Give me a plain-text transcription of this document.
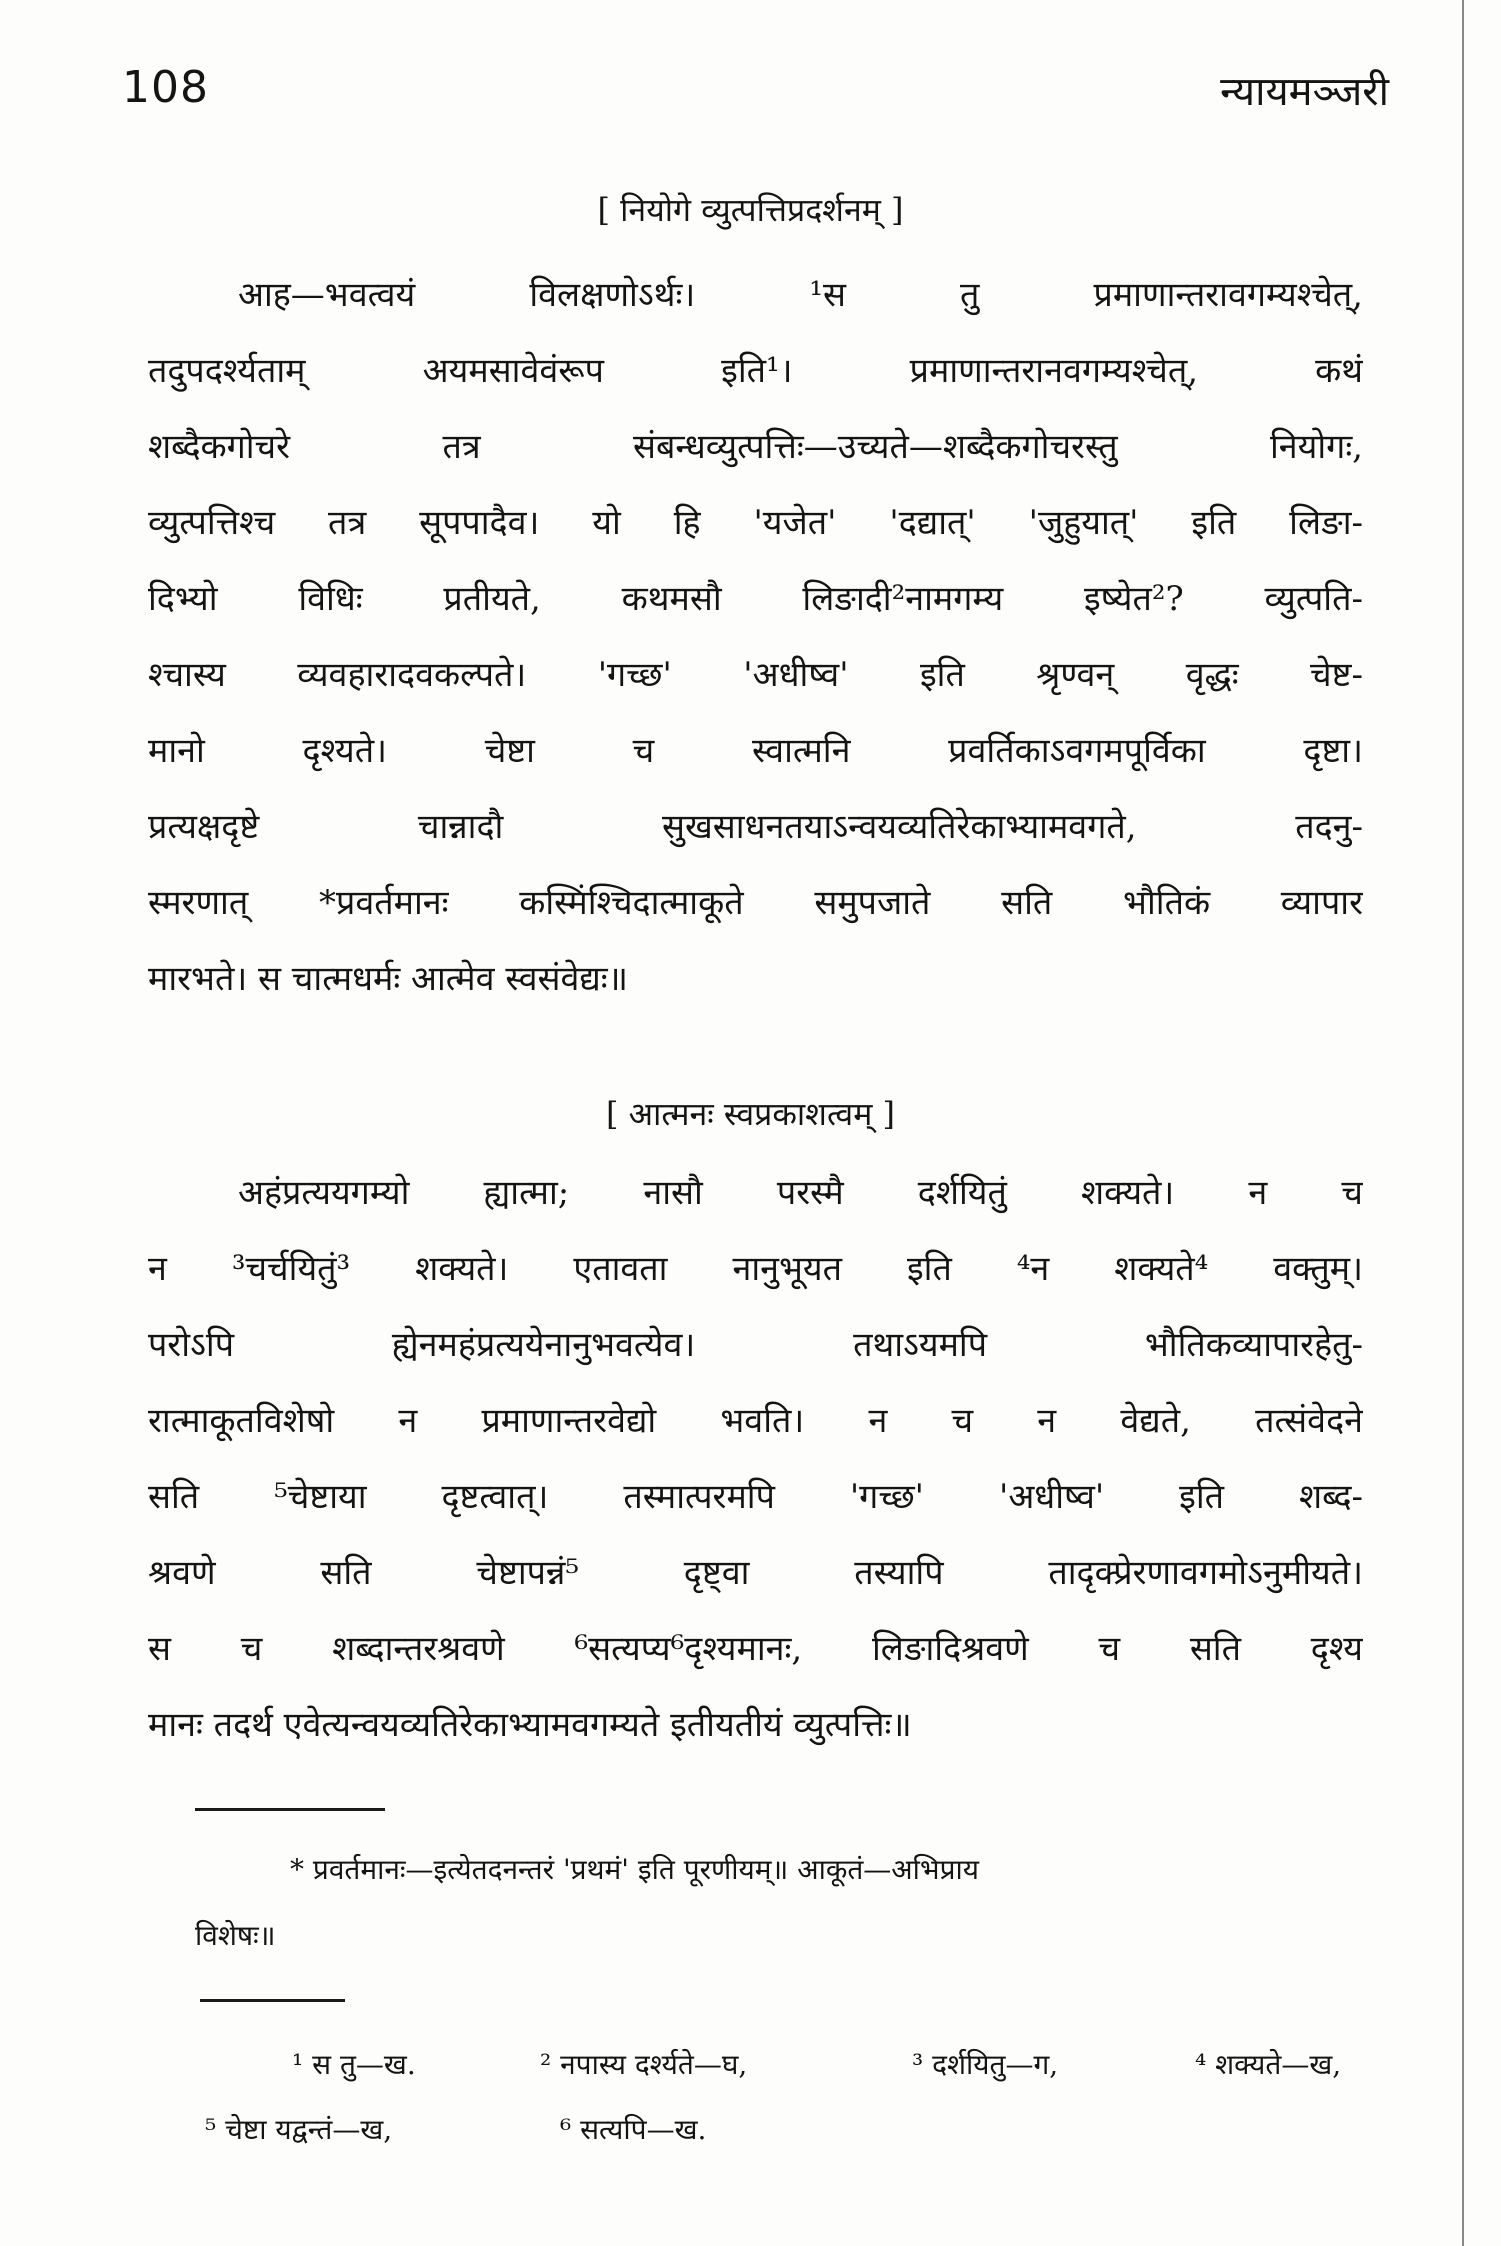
108	न्यायमञ्जरी
[ नियोगे व्युत्पत्तिप्रदर्शनम् ]
आह—भवत्वयं विलक्षणोऽर्थः। ¹स तु प्रमाणान्तरावगम्यश्चेत्,
तदुपदर्श्यताम् अयमसावेवंरूप इति¹। प्रमाणान्तरानवगम्यश्चेत्, कथं
शब्दैकगोचरे तत्र संबन्धव्युत्पत्तिः—उच्यते—शब्दैकगोचरस्तु नियोगः,
व्युत्पत्तिश्च तत्र सूपपादैव। यो हि 'यजेत' 'दद्यात्' 'जुहुयात्' इति लिङा-
दिभ्यो विधिः प्रतीयते, कथमसौ लिङादी²नामगम्य इष्येत²? व्युत्पति-
श्चास्य व्यवहारादवकल्पते। 'गच्छ' 'अधीष्व' इति श्रृण्वन् वृद्धः चेष्ट-
मानो दृश्यते। चेष्टा च स्वात्मनि प्रवर्तिकाऽवगमपूर्विका दृष्टा।
प्रत्यक्षदृष्टे चान्नादौ सुखसाधनतयाऽन्वयव्यतिरेकाभ्यामवगते, तदनु-
स्मरणात् *प्रवर्तमानः कस्मिंश्चिदात्माकूते समुपजाते सति भौतिकं व्यापार
मारभते। स चात्मधर्मः आत्मेव स्वसंवेद्यः॥
[ आत्मनः स्वप्रकाशत्वम् ]
अहंप्रत्ययगम्यो ह्यात्मा; नासौ परस्मै दर्शयितुं शक्यते। न च
न ³चर्चयितुं³ शक्यते। एतावता नानुभूयत इति ⁴न शक्यते⁴ वक्तुम्।
परोऽपि ह्येनमहंप्रत्ययेनानुभवत्येव। तथाऽयमपि भौतिकव्यापारहेतु-
रात्माकूतविशेषो न प्रमाणान्तरवेद्यो भवति। न च न वेद्यते, तत्संवेदने
सति ⁵चेष्टाया दृष्टत्वात्। तस्मात्परमपि 'गच्छ' 'अधीष्व' इति शब्द-
श्रवणे सति चेष्टापन्नं⁵ दृष्ट्वा तस्यापि तादृक्प्रेरणावगमोऽनुमीयते।
स च शब्दान्तरश्रवणे ⁶सत्यप्य⁶दृश्यमानः, लिङादिश्रवणे च सति दृश्य
मानः तदर्थ एवेत्यन्वयव्यतिरेकाभ्यामवगम्यते इतीयतीयं व्युत्पत्तिः॥
* प्रवर्तमानः—इत्येतदनन्तरं 'प्रथमं' इति पूरणीयम्॥ आकूतं—अभिप्राय
विशेषः॥
¹ स तु—ख.	² नपास्य दर्श्यते—घ,	³ दर्शयितु—ग,	⁴ शक्यते—ख,
⁵ चेष्टा यद्वन्तं—ख,	⁶ सत्यपि—ख.
